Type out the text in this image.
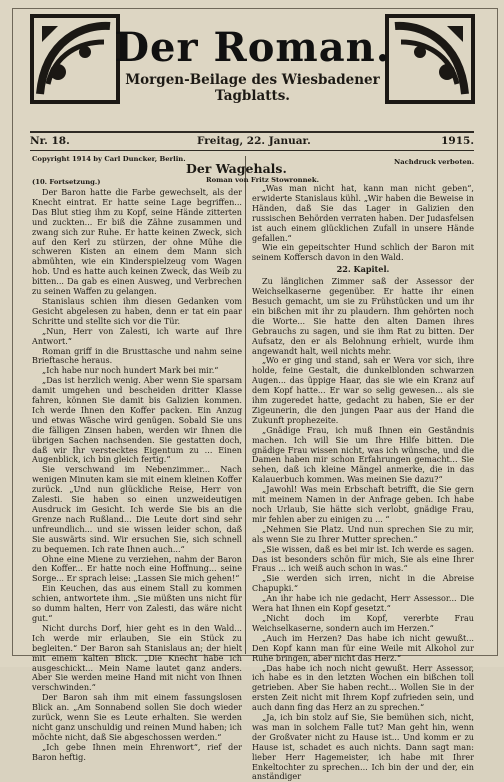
Der Roman.
Morgen-Beilage des Wiesbadener Tagblatts.
Nr. 18.	Freitag, 22. Januar.	1915.
Copyright 1914 by Carl Duncker, Berlin.
Der Wagehals.
Roman von Fritz Stowronnek.
Nachdruck verboten.
(10. Fortsetzung.)

Der Baron hatte die Farbe gewechselt, als der Knecht eintrat. Er hatte seine Lage begriffen... Das Blut stieg ihm zu Kopf, seine Hände zitterten und zuckten... Er biß die Zähne zusammen und zwang sich zur Ruhe. Er hatte keinen Zweck, sich auf den Kerl zu stürzen, der ohne Mühe die schweren Kisten an einem dem Mann sich abmühten, wie ein Kinderspielzeug vom Wagen hob. Und es hatte auch keinen Zweck, das Weib zu bitten... Da gab es einen Ausweg, und Verbrechen zu seinen Waffen zu gelangen.

Stanislaus schien ihm diesen Gedanken vom Gesicht abgelesen zu haben, denn er tat ein paar Schritte und stellte sich vor die Tür.

„Nun, Herr von Zalesti, ich warte auf Ihre Antwort.“

Roman griff in die Brusttasche und nahm seine Brieftasche heraus.

„Ich habe nur noch hundert Mark bei mir.“

„Das ist herzlich wenig. Aber wenn Sie sparsam damit umgehen und bescheiden dritter Klasse fahren, können Sie damit bis Galizien kommen. Ich werde Ihnen den Koffer packen. Ein Anzug und etwas Wäsche wird genügen. Sobald Sie uns die fälligen Zinsen haben, werden wir Ihnen die übrigen Sachen nachsenden. Sie gestatten doch, daß wir Ihr verstecktes Eigentum zu ... Einen Augenblick, ich bin gleich fertig.“

Sie verschwand im Nebenzimmer... Nach wenigen Minuten kam sie mit einem kleinen Koffer zurück. „Und nun glückliche Reise, Herr von Zalesti. Sie haben so einen unzweideutigen Ausdruck im Gesicht. Ich werde Sie bis an die Grenze nach Rußland... Die Leute dort sind sehr unfreundlich... und sie wissen leider schon, daß Sie auswärts sind. Wir ersuchen Sie, sich schnell zu bequemen. Ich rate Ihnen auch...“

Ohne eine Miene zu verziehen, nahm der Baron den Koffer... Er hatte noch eine Hoffnung... seine Sorge... Er sprach leise: „Lassen Sie mich gehen!“

Ein Keuchen, das aus einem Stall zu kommen schien, antwortete ihm. „Sie müßten uns nicht für so dumm halten, Herr von Zalesti, das wäre nicht gut.“

Nicht durchs Dorf, hier geht es in den Wald... Ich werde mir erlauben, Sie ein Stück zu begleiten.“ Der Baron sah Stanislaus an; der hielt mit einem kalten Blick. „Die Knecht habe ich ausgeschickt... Mein Name lautet ganz anders. Aber Sie werden meine Hand mit nicht von Ihnen verschwinden.“

Der Baron sah ihm mit einem fassungslosen Blick an. „Am Sonnabend sollen Sie doch wieder zurück, wenn Sie es Leute erhalten. Sie werden nicht ganz unschuldig und reinen Mund haben; ich möchte nicht, daß Sie abgeschossen werden.“

„Ich gebe Ihnen mein Ehrenwort“, rief der Baron heftig.

„Was man nicht hat, kann man nicht geben“, erwiderte Stanislaus kühl. „Wir haben die Beweise in Händen, daß Sie das Lager in Galizien den russischen Behörden verraten haben. Der Judasfelsen ist auch einem glücklichen Zufall in unsere Hände gefallen.“

Wie ein gepeitschter Hund schlich der Baron mit seinem Koffersch davon in den Wald.

22. Kapitel.

Zu länglichen Zimmer saß der Assessor der Weichselkaserne gegenüber. Er hatte ihr einen Besuch gemacht, um sie zu Frühstücken und um ihr ein bißchen mit ihr zu plaudern. Ihm gehörten noch die Worte... Sie hatte den alten Damen ihres Gebrauchs zu sagen, und sie ihm Rat zu bitten. Der Aufsatz, den er als Belohnung erhielt, wurde ihm angewandt halt, weil nichts mehr.

„Wo er ging und stand, sah er Wera vor sich, ihre holde, feine Gestalt, die dunkelblonden schwarzen Augen... das üppige Haar, das sie wie ein Kranz auf dem Kopf hatte... Er war so selig gewesen... als sie ihm zugeredet hatte, gedacht zu haben, Sie er der Zigeunerin, die den jungen Paar aus der Hand die Zukunft prophezeite.

„Gnädige Frau, ich muß Ihnen ein Geständnis machen. Ich will Sie um Ihre Hilfe bitten. Die gnädige Frau wissen nicht, was ich wünsche, und die Damen haben mir schon Erfahrungen gemacht... Sie sehen, daß ich kleine Mängel anmerke, die in das Kalauerbuch kommen. Was meinen Sie dazu?“

„Jawohl! Was mein Erbschaft betrifft, die Sie gern mit meinem Namen in der Anfrage geben. Ich habe noch Urlaub, Sie hätte sich verlobt, gnädige Frau, mir fehlen aber zu einigen zu ... “

„Nehmen Sie Platz. Und nun sprechen Sie zu mir, als wenn Sie zu Ihrer Mutter sprechen.“

„Sie wissen, daß es bei mir ist. Ich werde es sagen. Das ist besonders schön für mich, Sie als eine Ihrer Fraus ... ich weiß auch schon in was.“

„Sie werden sich irren, nicht in die Abreise Chapupki.“

„An ihr habe ich nie gedacht, Herr Assessor... Die Wera hat Ihnen ein Kopf gesetzt.“

„Nicht doch im Kopf, vererbte Frau Weichselkaserne, sondern auch im Herzen.“

„Auch im Herzen? Das habe ich nicht gewußt... Den Kopf kann man für eine Weile mit Alkohol zur Ruhe bringen, aber nicht das Herz.“

„Das habe ich noch nicht gewußt. Herr Assessor, ich habe es in den letzten Wochen ein bißchen toll getrieben. Aber Sie haben recht... Wollen Sie in der ersten Zeit nicht mit Ihrem Kopf zufrieden sein, und auch dann fing das Herz an zu sprechen.“

„Ja, ich bin stolz auf Sie, Sie bemühen sich, nicht, was man in solchem Falle tut? Man geht hin, wenn der Großvater nicht zu Hause ist... Und komm er zu Hause ist, schadet es auch nichts. Dann sagt man: lieber Herr Hagemeister, ich habe mit Ihrer Enkeltochter zu sprechen... Ich bin der und der, ein anständiger
